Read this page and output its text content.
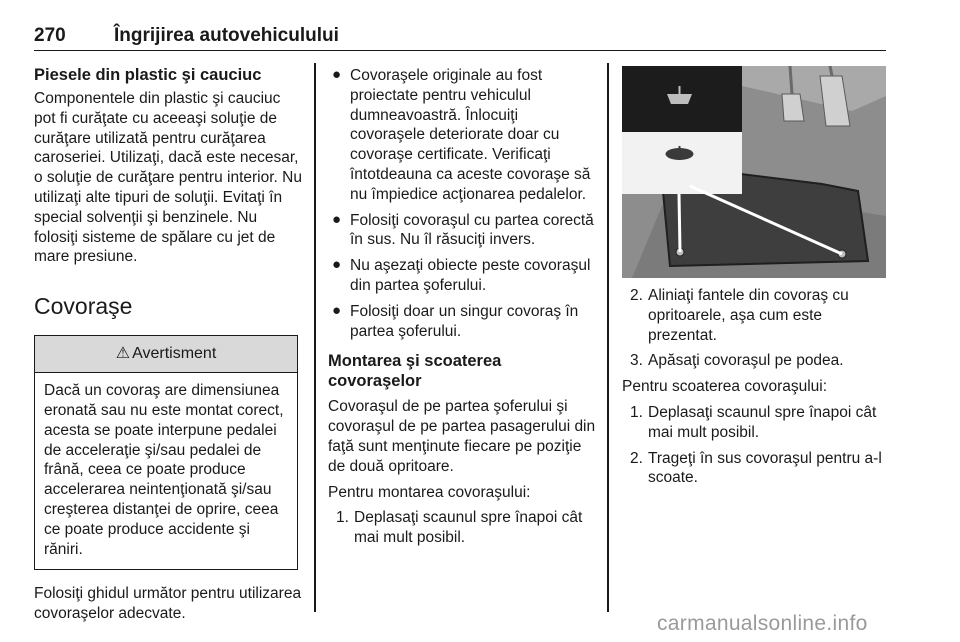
270	Îngrijirea autovehiculului
Piesele din plastic şi cauciuc

Componentele din plastic şi cauciuc pot fi curăţate cu aceeaşi soluţie de curăţare utilizată pentru curăţarea caroseriei. Utilizaţi, dacă este necesar, o soluţie de curăţare pentru interior. Nu utilizaţi alte tipuri de soluţii. Evitaţi în special solvenţii şi benzinele. Nu folosiţi sisteme de spălare cu jet de mare presiune.

Covoraşe
⚠ Avertisment
Dacă un covoraş are dimensiunea eronată sau nu este montat corect, acesta se poate interpune pedalei de acceleraţie şi/sau pedalei de frână, ceea ce poate produce accelerarea neintenţionată şi/sau creşterea distanţei de oprire, ceea ce poate produce accidente şi răniri.

Folosiţi ghidul următor pentru utilizarea covoraşelor adecvate.

● Covoraşele originale au fost proiectate pentru vehiculul dumneavoastră. Înlocuiţi covoraşele deteriorate doar cu covoraşe certificate. Verificaţi întotdeauna ca aceste covoraşe să nu împiedice acţionarea pedalelor.
● Folosiţi covoraşul cu partea corectă în sus. Nu îl răsuciţi invers.
● Nu aşezaţi obiecte peste covoraşul din partea şoferului.
● Folosiţi doar un singur covoraş în partea şoferului.
Montarea şi scoaterea covoraşelor

Covoraşul de pe partea şoferului şi covoraşul de pe partea pasagerului din faţă sunt menţinute fiecare pe poziţie de două opritoare.

Pentru montarea covoraşului:

1. Deplasaţi scaunul spre înapoi cât mai mult posibil.
2. Aliniaţi fantele din covoraş cu opritoarele, aşa cum este prezentat.
3. Apăsaţi covoraşul pe podea.

Pentru scoaterea covoraşului:

1. Deplasaţi scaunul spre înapoi cât mai mult posibil.
2. Trageţi în sus covoraşul pentru a-l scoate.
carmanualsonline.info
